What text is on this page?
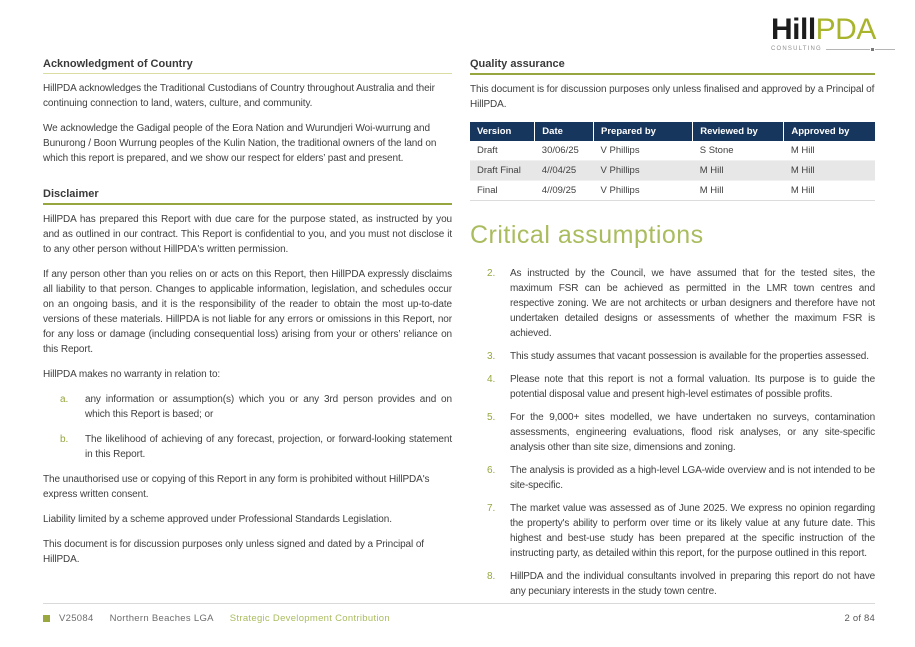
HillPDA
CONSULTING
Acknowledgment of Country

HillPDA acknowledges the Traditional Custodians of Country throughout Australia and their continuing connection to land, waters, culture, and community.

We acknowledge the Gadigal people of the Eora Nation and Wurundjeri Woi-wurrung and Bunurong / Boon Wurrung peoples of the Kulin Nation, the traditional owners of the land on which this report is prepared, and we show our respect for elders’ past and present.

Disclaimer

HillPDA has prepared this Report with due care for the purpose stated, as instructed by you and as outlined in our contract. This Report is confidential to you, and you must not disclose it to any other person without HillPDA's written permission.

If any person other than you relies on or acts on this Report, then HillPDA expressly disclaims all liability to that person. Changes to applicable information, legislation, and schedules occur on an ongoing basis, and it is the responsibility of the reader to obtain the most up-to-date versions of these materials. HillPDA is not liable for any errors or omissions in this Report, nor for any loss or damage (including consequential loss) arising from your or others’ reliance on this Report.

HillPDA makes no warranty in relation to:

a.	any information or assumption(s) which you or any 3rd person provides and on which this Report is based; or
b.	The likelihood of achieving of any forecast, projection, or forward-looking statement in this Report.

The unauthorised use or copying of this Report in any form is prohibited without HillPDA's express written consent.

Liability limited by a scheme approved under Professional Standards Legislation.

This document is for discussion purposes only unless signed and dated by a Principal of HillPDA.

Quality assurance

This document is for discussion purposes only unless finalised and approved by a Principal of HillPDA.

Version	Date	Prepared by	Reviewed by	Approved by
Draft	30/06/25	V Phillips	S Stone	M Hill
Draft Final	4//04/25	V Phillips	M Hill	M Hill
Final	4//09/25	V Phillips	M Hill	M Hill
Critical assumptions
2.	As instructed by the Council, we have assumed that for the tested sites, the maximum FSR can be achieved as permitted in the LMR town centres and respective zoning. We are not architects or urban designers and therefore have not undertaken detailed designs or assessments of whether the maximum FSR is achieved.
3.	This study assumes that vacant possession is available for the properties assessed.
4.	Please note that this report is not a formal valuation. Its purpose is to guide the potential disposal value and present high-level estimates of possible profits.
5.	For the 9,000+ sites modelled, we have undertaken no surveys, contamination assessments, engineering evaluations, flood risk analyses, or any site-specific analysis other than site size, dimensions and zoning.
6.	The analysis is provided as a high-level LGA-wide overview and is not intended to be site-specific.
7.	The market value was assessed as of June 2025. We express no opinion regarding the property's ability to perform over time or its likely value at any future date. This highest and best-use study has been prepared at the specific instruction of the instructing party, as detailed within this report, for the purpose outlined in this report.
8.	HillPDA and the individual consultants involved in preparing this report do not have any pecuniary interests in the study town centre.
V25084 Northern Beaches LGA Strategic Development Contribution	2 of 84
